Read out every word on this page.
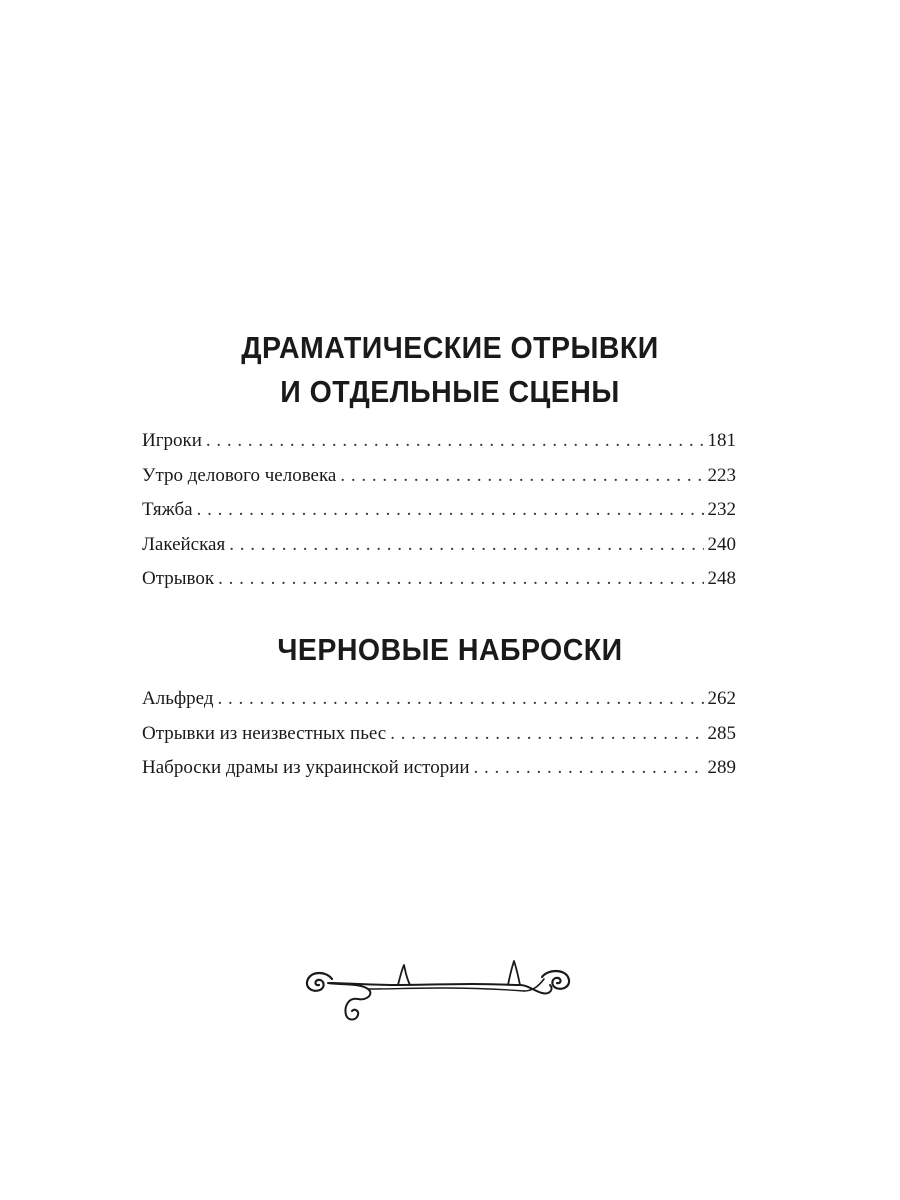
ДРАМАТИЧЕСКИЕ ОТРЫВКИ
И ОТДЕЛЬНЫЕ СЦЕНЫ
Игроки . . .	181
Утро делового человека . . .	223
Тяжба . . .	232
Лакейская . . .	240
Отрывок . . .	248
ЧЕРНОВЫЕ НАБРОСКИ
Альфред . . .	262
Отрывки из неизвестных пьес . . .	285
Наброски драмы из украинской истории . . .	289
